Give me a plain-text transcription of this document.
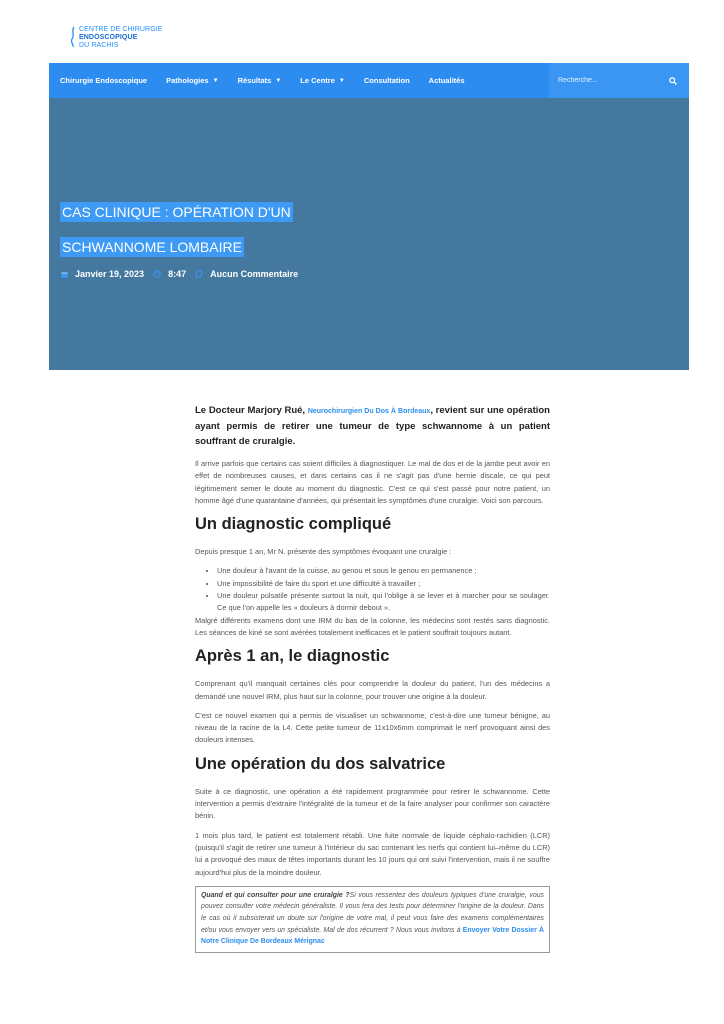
CENTRE DE CHIRURGIE
ENDOSCOPIQUE
DU RACHIS
Chirurgie Endoscopique	Pathologies ▼	Résultats ▼	Le Centre ▼	Consultation	Actualités
Recherche...
CAS CLINIQUE : OPÉRATION D'UN
SCHWANNOME LOMBAIRE
Janvier 19, 2023	8:47	Aucun Commentaire

Le Docteur Marjory Rué, Neurochirurgien Du Dos À Bordeaux, revient sur une opération ayant permis de retirer une tumeur de type schwannome à un patient souffrant de cruralgie.

Il arrive parfois que certains cas soient difficiles à diagnostiquer. Le mal de dos et de la jambe peut avoir en effet de nombreuses causes, et dans certains cas il ne s'agit pas d'une hernie discale, ce qui peut légitimement semer le doute au moment du diagnostic. C'est ce qui s'est passé pour notre patient, un homme âgé d'une quarantaine d'années, qui présentait les symptômes d'une cruralgie. Voici son parcours.

Un diagnostic compliqué

Depuis presque 1 an, Mr N. présente des symptômes évoquant une cruralgie :

• Une douleur à l'avant de la cuisse, au genou et sous le genou en permanence ;
• Une impossibilité de faire du sport et une difficulté à travailler ;
• Une douleur pulsatile présente surtout la nuit, qui l'oblige à se lever et à marcher pour se soulager. Ce que l'on appelle les « douleurs à dormir debout ».

Malgré différents examens dont une IRM du bas de la colonne, les médecins sont restés sans diagnostic. Les séances de kiné se sont avérées totalement inefficaces et le patient souffrait toujours autant.

Après 1 an, le diagnostic

Comprenant qu'il manquait certaines clés pour comprendre la douleur du patient, l'un des médecins a demandé une nouvel IRM, plus haut sur la colonne, pour trouver une origine à la douleur.

C'est ce nouvel examen qui a permis de visualiser un schwannome, c'est-à-dire une tumeur bénigne, au niveau de la racine de la L4. Cette petite tumeur de 11x10x6mm comprimait le nerf provoquant ainsi des douleurs intenses.

Une opération du dos salvatrice

Suite à ce diagnostic, une opération a été rapidement programmée pour retirer le schwannome. Cette intervention a permis d'extraire l'intégralité de la tumeur et de la faire analyser pour confirmer son caractère bénin.

1 mois plus tard, le patient est totalement rétabli. Une fuite normale de liquide céphalo-rachidien (LCR) (puisqu'il s'agit de retirer une tumeur à l'intérieur du sac contenant les nerfs qui contient lui–même du LCR) lui a provoqué des maux de têtes importants durant les 10 jours qui ont suivi l'intervention, mais il ne souffre aujourd'hui plus de la moindre douleur.

Quand et qui consulter pour une cruralgie ?Si vous ressentez des douleurs typiques d'une cruralgie, vous pouvez consulter votre médecin généraliste. Il vous fera des tests pour déterminer l'origine de la douleur. Dans le cas où il subsisterait un doute sur l'origine de votre mal, il peut vous faire des examens complémentaires et/ou vous envoyer vers un spécialiste. Mal de dos récurrent ? Nous vous invitons à Envoyer Votre Dossier À Notre Clinique De Bordeaux Mérignac
